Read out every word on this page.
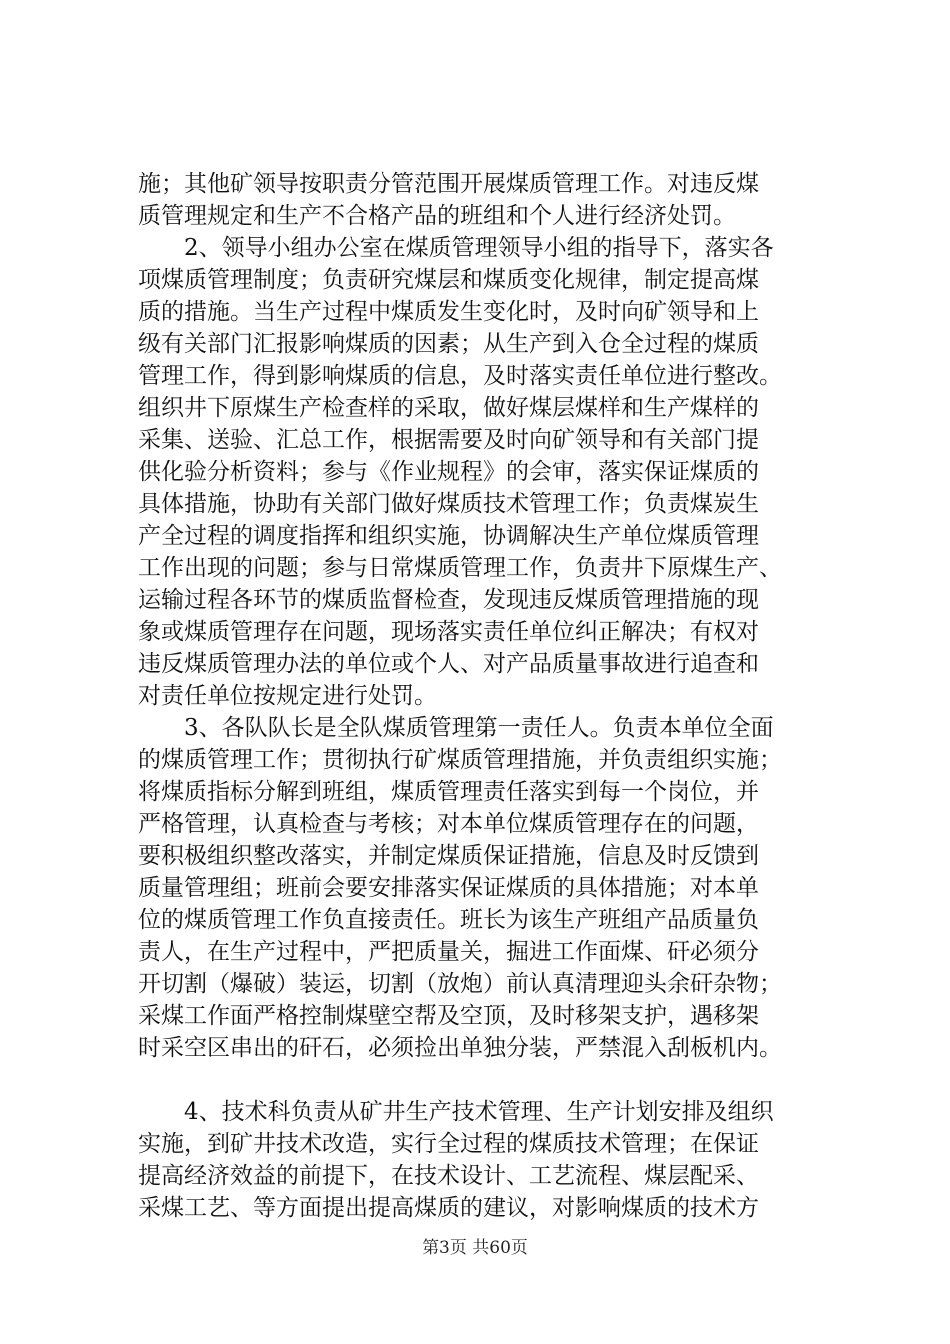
施；其他矿领导按职责分管范围开展煤质管理工作。对违反煤
质管理规定和生产不合格产品的班组和个人进行经济处罚。
　　2、领导小组办公室在煤质管理领导小组的指导下，落实各
项煤质管理制度；负责研究煤层和煤质变化规律，制定提高煤
质的措施。当生产过程中煤质发生变化时，及时向矿领导和上
级有关部门汇报影响煤质的因素；从生产到入仓全过程的煤质
管理工作，得到影响煤质的信息，及时落实责任单位进行整改。
组织井下原煤生产检查样的采取，做好煤层煤样和生产煤样的
采集、送验、汇总工作，根据需要及时向矿领导和有关部门提
供化验分析资料；参与《作业规程》的会审，落实保证煤质的
具体措施，协助有关部门做好煤质技术管理工作；负责煤炭生
产全过程的调度指挥和组织实施，协调解决生产单位煤质管理
工作出现的问题；参与日常煤质管理工作，负责井下原煤生产、
运输过程各环节的煤质监督检查，发现违反煤质管理措施的现
象或煤质管理存在问题，现场落实责任单位纠正解决；有权对
违反煤质管理办法的单位或个人、对产品质量事故进行追查和
对责任单位按规定进行处罚。
　　3、各队队长是全队煤质管理第一责任人。负责本单位全面
的煤质管理工作；贯彻执行矿煤质管理措施，并负责组织实施；
将煤质指标分解到班组，煤质管理责任落实到每一个岗位，并
严格管理，认真检查与考核；对本单位煤质管理存在的问题，
要积极组织整改落实，并制定煤质保证措施，信息及时反馈到
质量管理组；班前会要安排落实保证煤质的具体措施；对本单
位的煤质管理工作负直接责任。班长为该生产班组产品质量负
责人，在生产过程中，严把质量关，掘进工作面煤、矸必须分
开切割（爆破）装运，切割（放炮）前认真清理迎头余矸杂物；
采煤工作面严格控制煤壁空帮及空顶，及时移架支护，遇移架
时采空区串出的矸石，必须捡出单独分装，严禁混入刮板机内。
　　4、技术科负责从矿井生产技术管理、生产计划安排及组织
实施，到矿井技术改造，实行全过程的煤质技术管理；在保证
提高经济效益的前提下，在技术设计、工艺流程、煤层配采、
采煤工艺、等方面提出提高煤质的建议，对影响煤质的技术方
第3页 共60页
